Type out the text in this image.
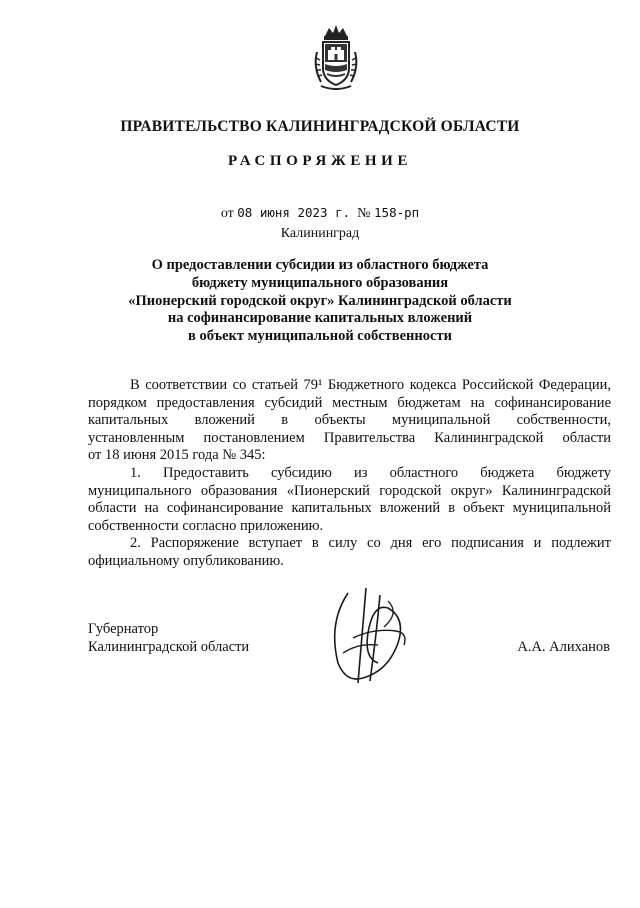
ПРАВИТЕЛЬСТВО КАЛИНИНГРАДСКОЙ ОБЛАСТИ
РАСПОРЯЖЕНИЕ
от 08 июня 2023 г. № 158-рп
Калининград
О предоставлении субсидии из областного бюджета
бюджету муниципального образования
«Пионерский городской округ» Калининградской области
на софинансирование капитальных вложений
в объект муниципальной собственности
В соответствии со статьей 79¹ Бюджетного кодекса Российской Федерации,
порядком предоставления субсидий местным бюджетам на софинансирование
капитальных вложений в объекты муниципальной собственности,
установленным постановлением Правительства Калининградской области
от 18 июня 2015 года № 345:
1. Предоставить субсидию из областного бюджета бюджету
муниципального образования «Пионерский городской округ» Калининградской
области на софинансирование капитальных вложений в объект муниципальной
собственности согласно приложению.
2. Распоряжение вступает в силу со дня его подписания и подлежит
официальному опубликованию.
Губернатор
Калининградской области	А.А. Алиханов
